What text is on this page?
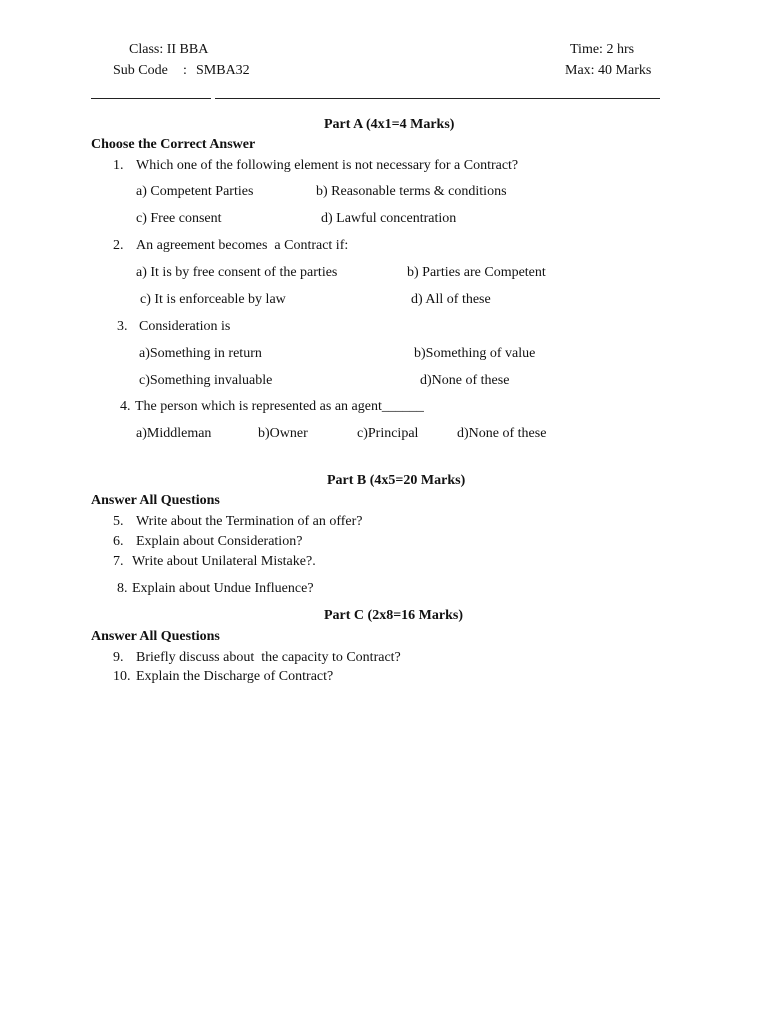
Class: II BBA
Sub Code : SMBA32
Time: 2 hrs
Max: 40 Marks
Part A (4x1=4 Marks)
Choose the Correct Answer
1. Which one of the following element is not necessary for a Contract?
a) Competent Parties	b) Reasonable terms & conditions
c) Free consent	d) Lawful concentration
2. An agreement becomes  a Contract if:
a) It is by free consent of the parties	b) Parties are Competent
c) It is enforceable by law	d) All of these
3. Consideration is
a)Something in return	b)Something of value
c)Something invaluable	d)None of these
4. The person which is represented as an agent______
a)Middleman	b)Owner	c)Principal	d)None of these
Part B (4x5=20 Marks)
Answer All Questions
5. Write about the Termination of an offer?
6. Explain about Consideration?
7. Write about Unilateral Mistake?.
8. Explain about Undue Influence?
Part C (2x8=16 Marks)
Answer All Questions
9. Briefly discuss about  the capacity to Contract?
10. Explain the Discharge of Contract?
